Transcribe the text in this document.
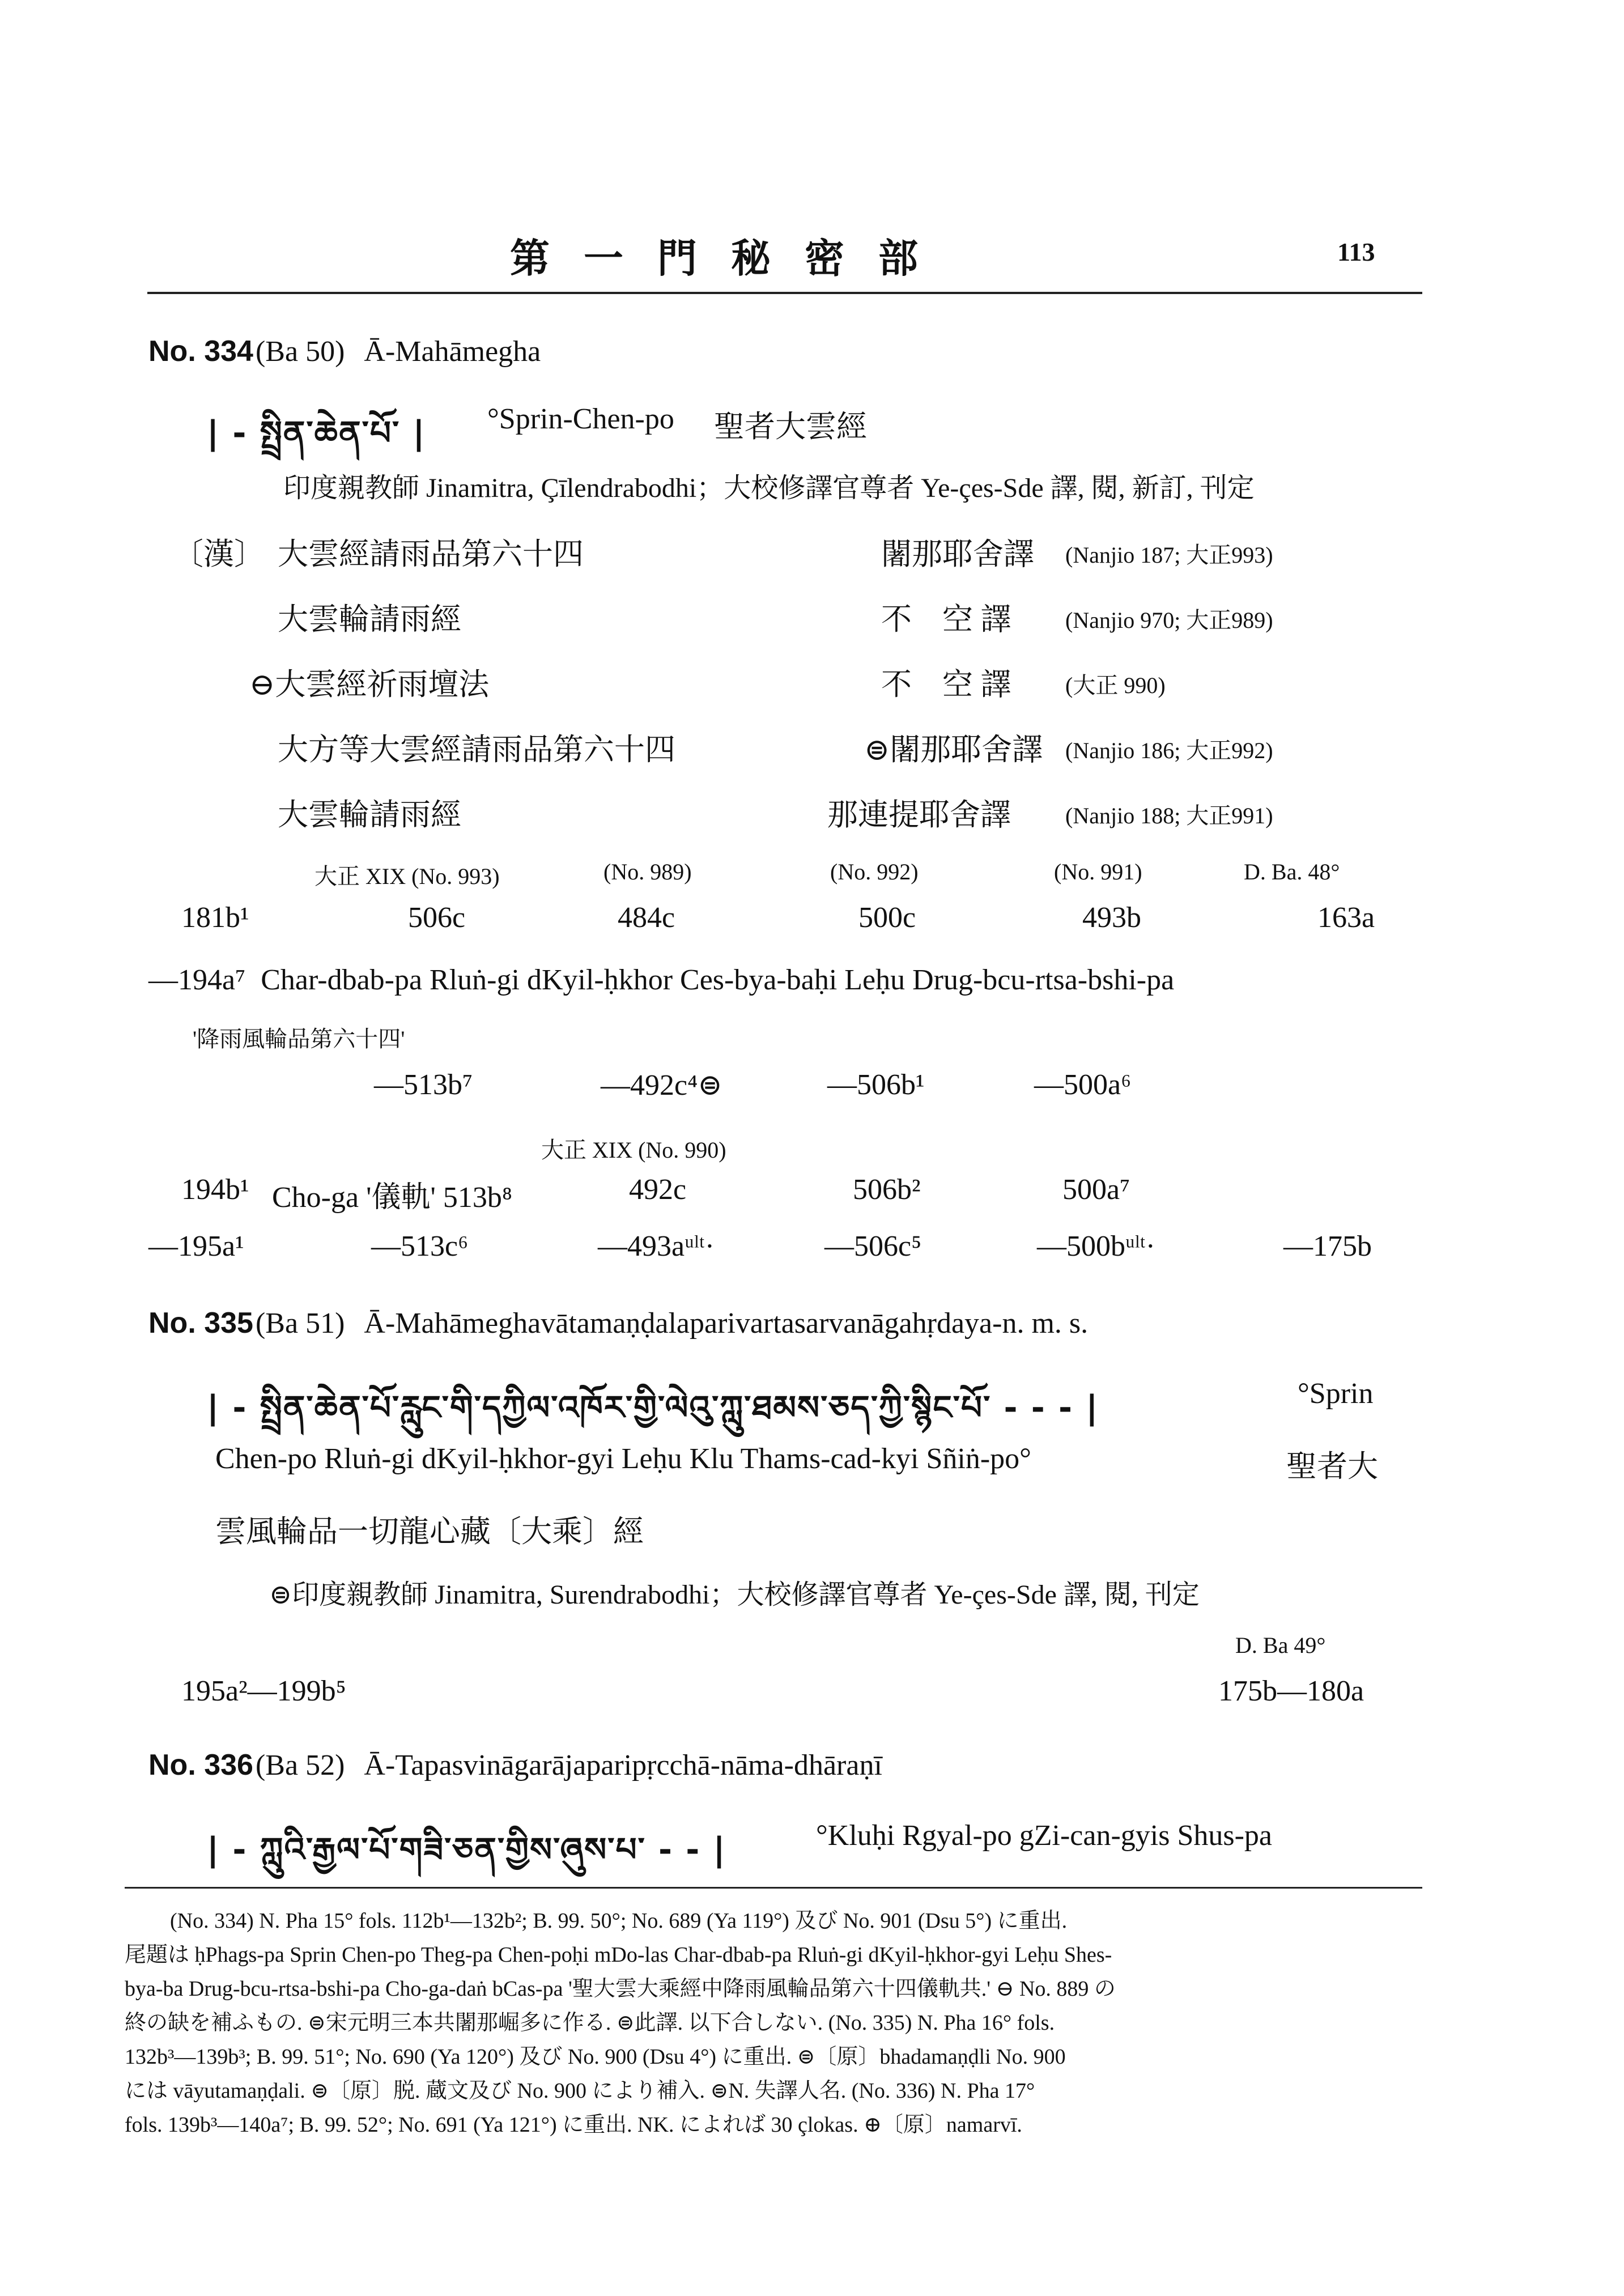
第一門秘密部	113
No. 334 (Ba 50) Ā-Mahāmegha
| - སྤྲིན་ཆེན་པོ་ | °Sprin-Chen-po 聖者大雲經
印度親教師 Jinamitra, Çīlendrabodhi；大校修譯官尊者 Ye-çes-Sde 譯, 閱, 新訂, 刊定
〔漢〕 大雲經請雨品第六十四	闍那耶舍譯 (Nanjio 187; 大正993)
大雲輪請雨經	不　空 譯 (Nanjio 970; 大正989)
⊖大雲經祈雨壇法	不　空 譯 (大正 990)
大方等大雲經請雨品第六十四	⊜闍那耶舍譯 (Nanjio 186; 大正992)
大雲輪請雨經	那連提耶舍譯 (Nanjio 188; 大正991)
大正 XIX (No. 993)	(No. 989)	(No. 992)	(No. 991)	D. Ba. 48°
181b¹	506c	484c	500c	493b	163a
—194a⁷ Char-dbab-pa Rluṅ-gi dKyil-ḥkhor Ces-bya-baḥi Leḥu Drug-bcu-rtsa-bshi-pa
'降雨風輪品第六十四'
—513b⁷	—492c⁴⊜	—506b¹	—500a⁶
大正 XIX (No. 990)
194b¹ Cho-ga '儀軌' 513b⁸	492c	506b²	500a⁷
—195a¹	—513c⁶	—493aᵘˡᵗ·	—506c⁵	—500bᵘˡᵗ·	—175b
No. 335 (Ba 51) Ā-Mahāmeghavātamaṇḍalaparivartasarvanāgahṛdaya-n. m. s.
| - སྤྲིན་ཆེན་པོ་རླུང་གི་དཀྱིལ་འཁོར་གྱི་ལེའུ་ཀླུ་ཐམས་ཅད་ཀྱི་སྙིང་པོ་ - - - |	°Sprin
Chen-po Rluṅ-gi dKyil-ḥkhor-gyi Leḥu Klu Thams-cad-kyi Sñiṅ-po°	聖者大
雲風輪品一切龍心藏〔大乘〕經
⊜印度親教師 Jinamitra, Surendrabodhi；大校修譯官尊者 Ye-çes-Sde 譯, 閱, 刊定
D. Ba 49°
195a²—199b⁵	175b—180a
No. 336 (Ba 52) Ā-Tapasvināgarājaparipṛcchā-nāma-dhāraṇī
| - ཀླུའི་རྒྱལ་པོ་གཟི་ཅན་གྱིས་ཞུས་པ་ - - |	°Kluḥi Rgyal-po gZi-can-gyis Shus-pa
(No. 334) N. Pha 15° fols. 112b¹—132b²; B. 99. 50°; No. 689 (Ya 119°) 及び No. 901 (Dsu 5°) に重出.
尾題は ḥPhags-pa Sprin Chen-po Theg-pa Chen-poḥi mDo-las Char-dbab-pa Rluṅ-gi dKyil-ḥkhor-gyi Leḥu Shes-
bya-ba Drug-bcu-rtsa-bshi-pa Cho-ga-daṅ bCas-pa '聖大雲大乘經中降雨風輪品第六十四儀軌共.' ⊖ No. 889 の
終の缺を補ふもの. ⊜宋元明三本共闍那崛多に作る. ⊜此譯. 以下合しない. (No. 335) N. Pha 16° fols.
132b³—139b³; B. 99. 51°; No. 690 (Ya 120°) 及び No. 900 (Dsu 4°) に重出. ⊜〔原〕bhadamaṇḍli No. 900
には vāyutamaṇḍali. ⊜〔原〕脱. 蔵文及び No. 900 により補入. ⊜N. 失譯人名. (No. 336) N. Pha 17°
fols. 139b³—140a⁷; B. 99. 52°; No. 691 (Ya 121°) に重出. NK. によれば 30 çlokas. ⊕〔原〕namarvī.
